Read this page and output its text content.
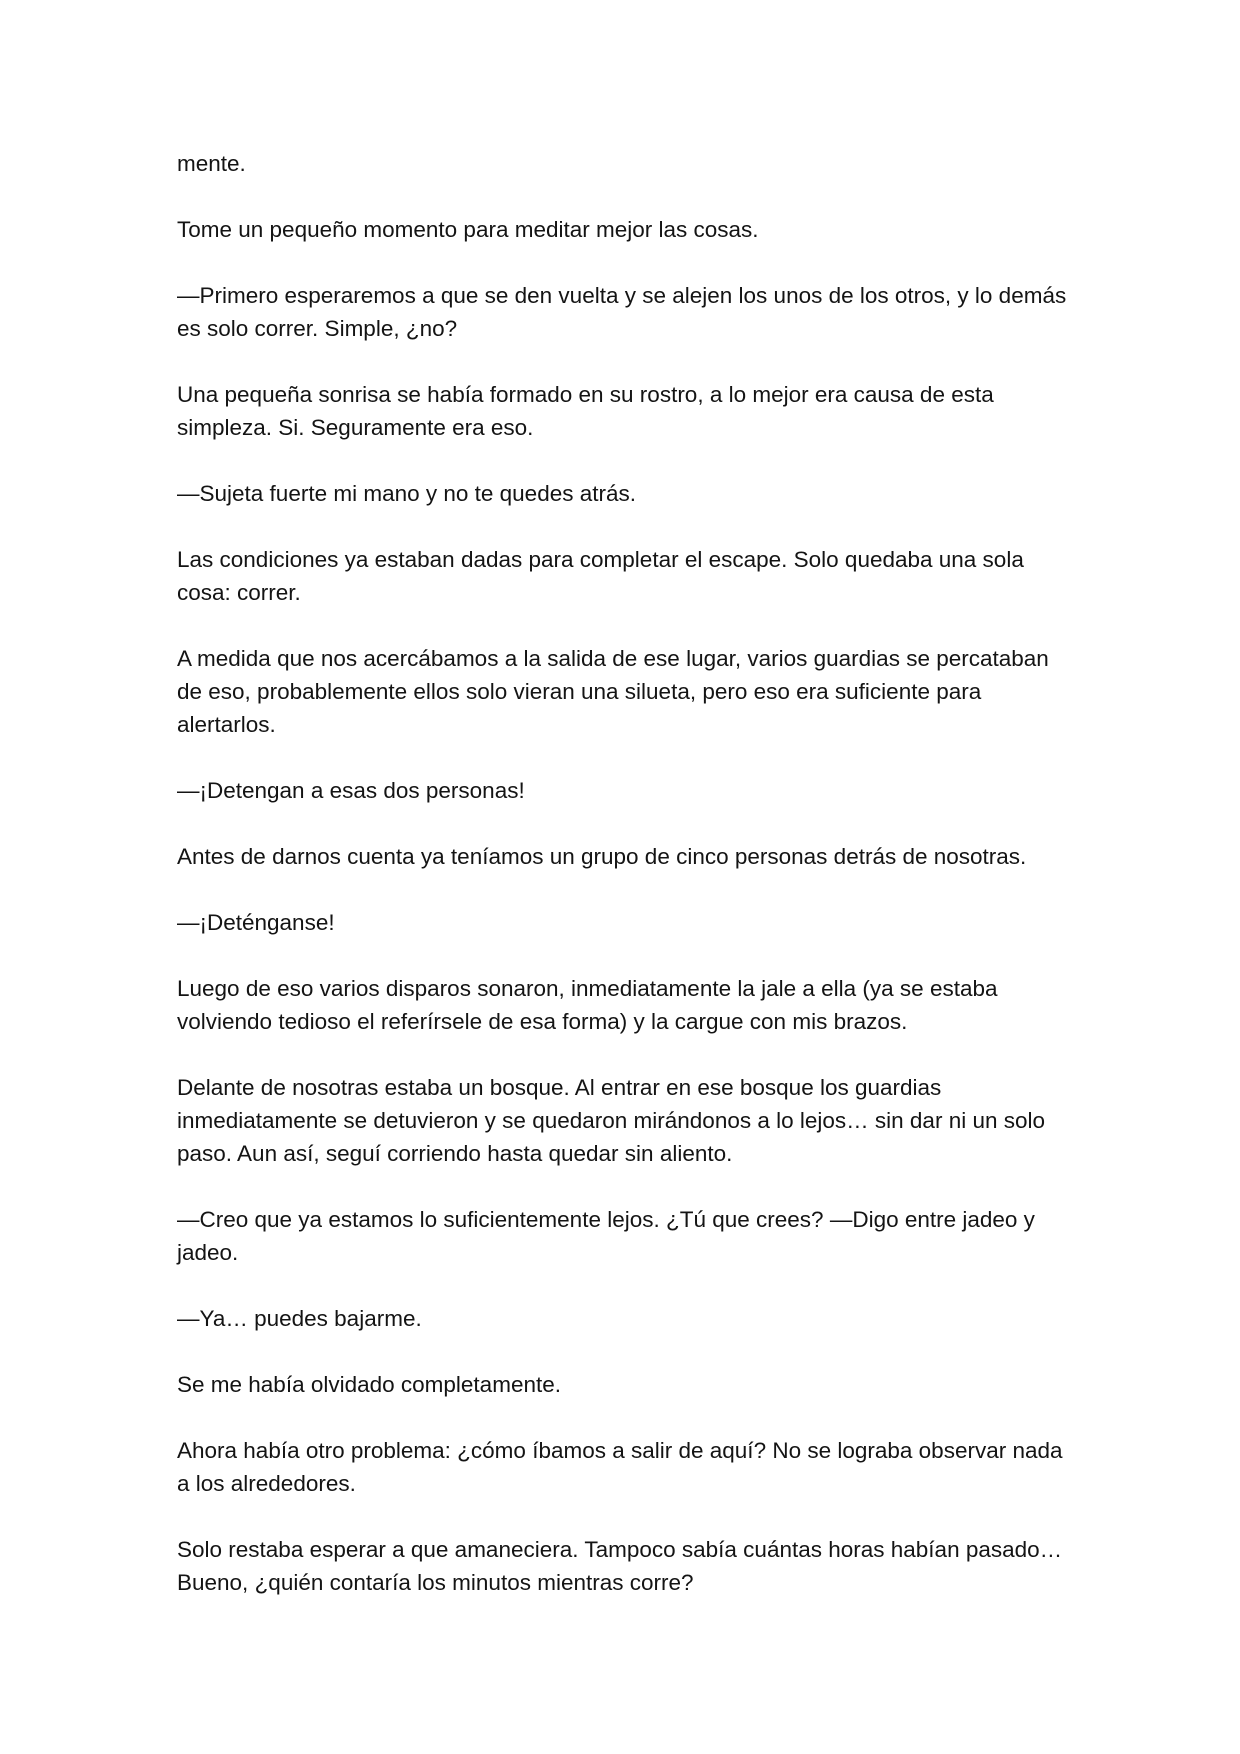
mente.

Tome un pequeño momento para meditar mejor las cosas.

—Primero esperaremos a que se den vuelta y se alejen los unos de los otros, y lo demás es solo correr. Simple, ¿no?

Una pequeña sonrisa se había formado en su rostro, a lo mejor era causa de esta simpleza. Si. Seguramente era eso.

—Sujeta fuerte mi mano y no te quedes atrás.

Las condiciones ya estaban dadas para completar el escape. Solo quedaba una sola cosa: correr.

A medida que nos acercábamos a la salida de ese lugar, varios guardias se percataban de eso, probablemente ellos solo vieran una silueta, pero eso era suficiente para alertarlos.

—¡Detengan a esas dos personas!

Antes de darnos cuenta ya teníamos un grupo de cinco personas detrás de nosotras.

—¡Deténganse!

Luego de eso varios disparos sonaron, inmediatamente la jale a ella (ya se estaba volviendo tedioso el referírsele de esa forma) y la cargue con mis brazos.

Delante de nosotras estaba un bosque. Al entrar en ese bosque los guardias inmediatamente se detuvieron y se quedaron mirándonos a lo lejos… sin dar ni un solo paso. Aun así, seguí corriendo hasta quedar sin aliento.

—Creo que ya estamos lo suficientemente lejos. ¿Tú que crees? —Digo entre jadeo y jadeo.

—Ya… puedes bajarme.

Se me había olvidado completamente.

Ahora había otro problema: ¿cómo íbamos a salir de aquí? No se lograba observar nada a los alrededores.

Solo restaba esperar a que amaneciera. Tampoco sabía cuántas horas habían pasado… Bueno, ¿quién contaría los minutos mientras corre?
